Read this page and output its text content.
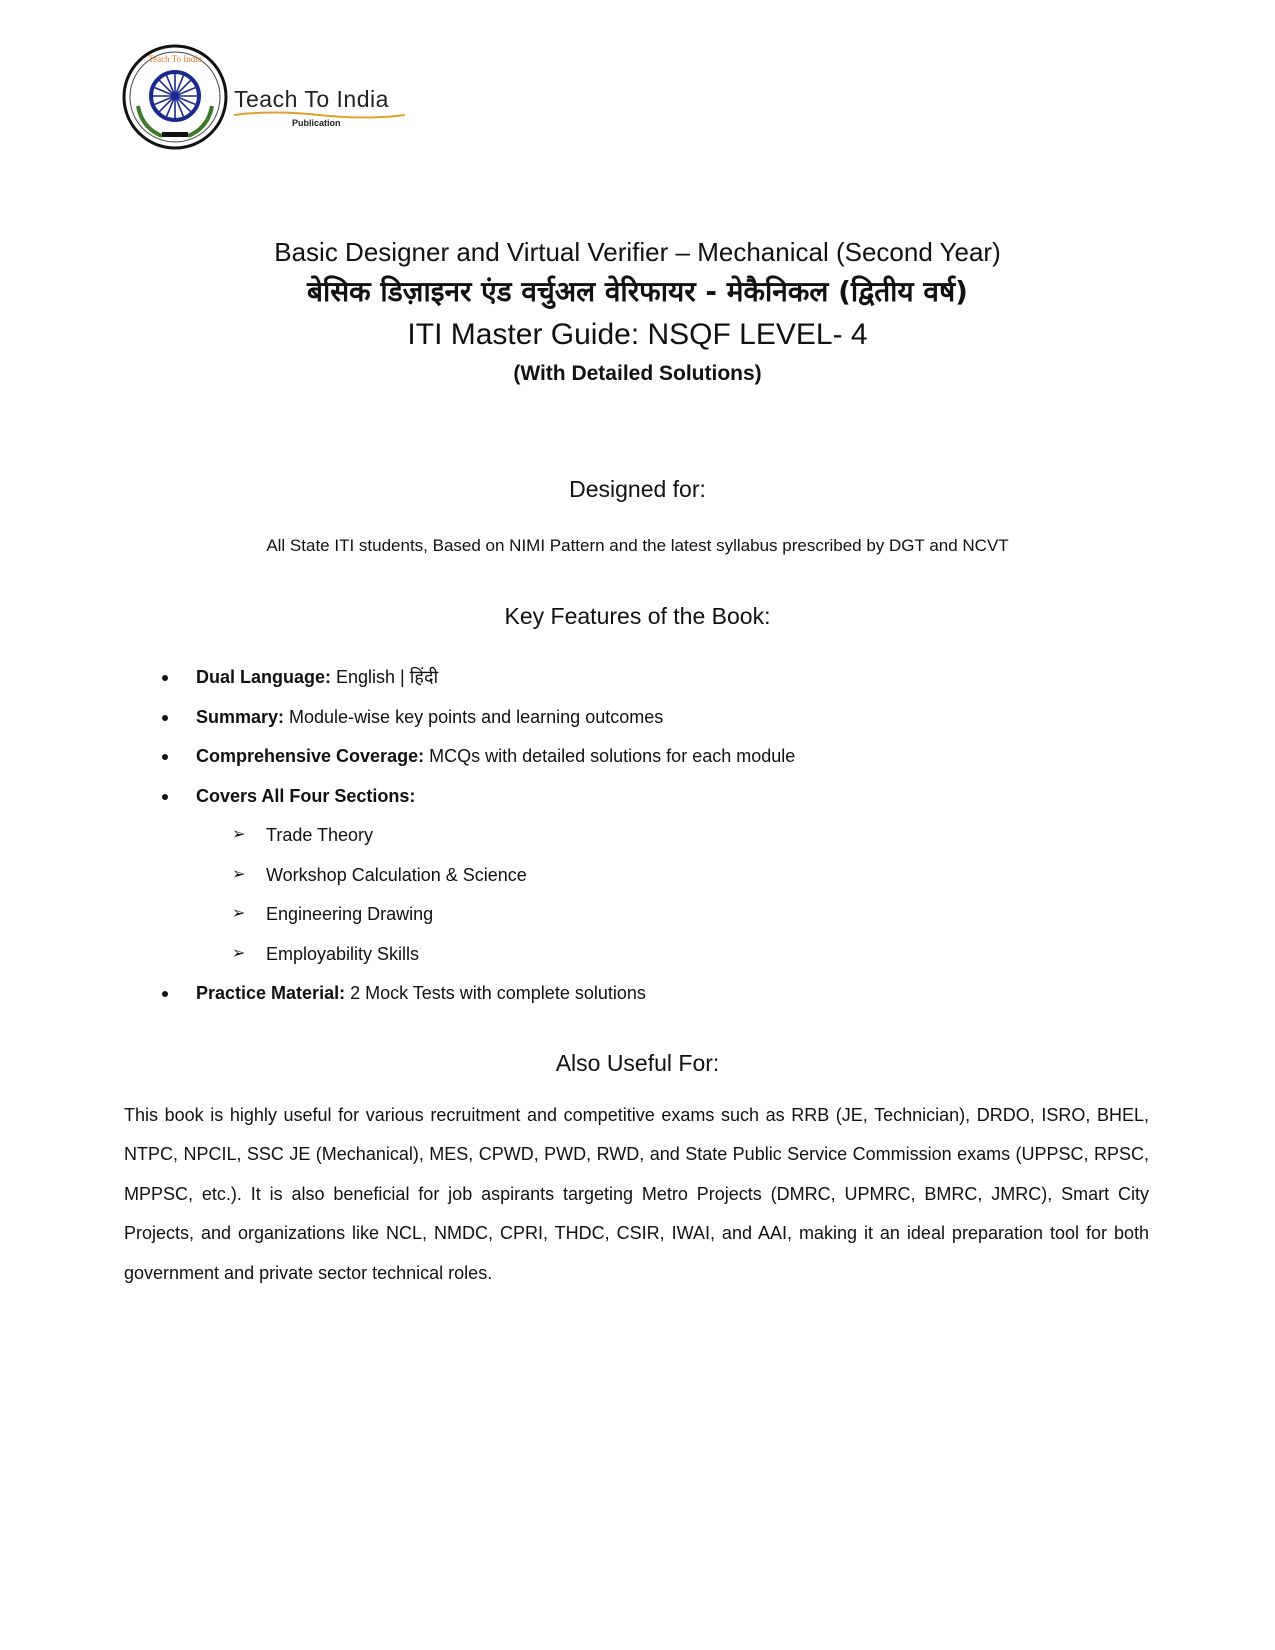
Teach To India
Teach To India
Publication
Basic Designer and Virtual Verifier – Mechanical (Second Year)
बेसिक डिज़ाइनर एंड वर्चुअल वेरिफायर - मेकैनिकल (द्वितीय वर्ष)
ITI Master Guide: NSQF LEVEL- 4
(With Detailed Solutions)
Designed for:
All State ITI students, Based on NIMI Pattern and the latest syllabus prescribed by DGT and NCVT
Key Features of the Book:
Dual Language: English | हिंदी
Summary: Module-wise key points and learning outcomes
Comprehensive Coverage: MCQs with detailed solutions for each module
Covers All Four Sections:
➢ Trade Theory
➢ Workshop Calculation & Science
➢ Engineering Drawing
➢ Employability Skills
Practice Material: 2 Mock Tests with complete solutions
Also Useful For:
This book is highly useful for various recruitment and competitive exams such as RRB (JE, Technician), DRDO, ISRO, BHEL, NTPC, NPCIL, SSC JE (Mechanical), MES, CPWD, PWD, RWD, and State Public Service Commission exams (UPPSC, RPSC, MPPSC, etc.). It is also beneficial for job aspirants targeting Metro Projects (DMRC, UPMRC, BMRC, JMRC), Smart City Projects, and organizations like NCL, NMDC, CPRI, THDC, CSIR, IWAI, and AAI, making it an ideal preparation tool for both government and private sector technical roles.
